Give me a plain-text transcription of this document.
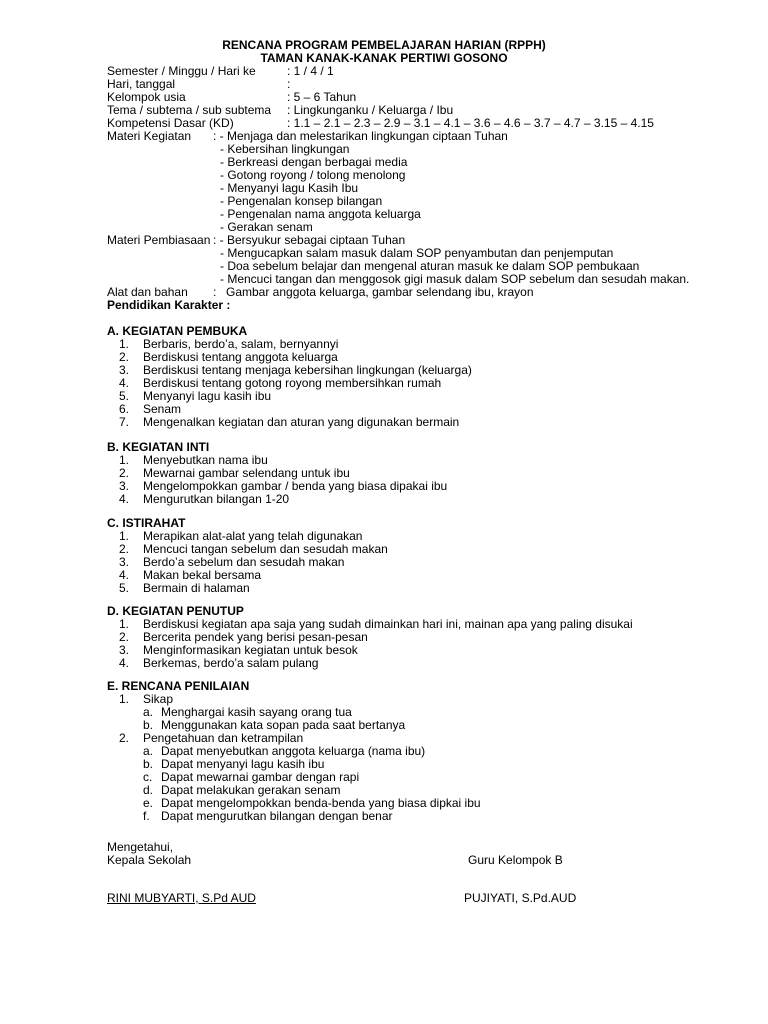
RENCANA PROGRAM PEMBELAJARAN HARIAN (RPPH)
TAMAN KANAK-KANAK PERTIWI GOSONO
Semester / Minggu / Hari ke	: 1 / 4 / 1
Hari, tanggal	:
Kelompok usia	: 5 – 6 Tahun
Tema / subtema / sub subtema : Lingkunganku / Keluarga / Ibu
Kompetensi Dasar (KD)	: 1.1 – 2.1 – 2.3 – 2.9 – 3.1 – 4.1 – 3.6 – 4.6 – 3.7 – 4.7 – 3.15 – 4.15
Materi Kegiatan : - Menjaga dan melestarikan lingkungan ciptaan Tuhan
- Kebersihan lingkungan
- Berkreasi dengan berbagai media
- Gotong royong / tolong menolong
- Menyanyi lagu Kasih Ibu
- Pengenalan konsep bilangan
- Pengenalan nama anggota keluarga
- Gerakan senam
Materi Pembiasaan : - Bersyukur sebagai ciptaan Tuhan
- Mengucapkan salam masuk dalam SOP penyambutan dan penjemputan
- Doa sebelum belajar dan mengenal aturan masuk ke dalam SOP pembukaan
- Mencuci tangan dan menggosok gigi masuk dalam SOP sebelum dan sesudah makan.
Alat dan bahan : Gambar anggota keluarga, gambar selendang ibu, krayon
Pendidikan Karakter :
A. KEGIATAN PEMBUKA
1. Berbaris, berdo’a, salam, bernyannyi
2. Berdiskusi tentang anggota keluarga
3. Berdiskusi tentang menjaga kebersihan lingkungan (keluarga)
4. Berdiskusi tentang gotong royong membersihkan rumah
5. Menyanyi lagu kasih ibu
6. Senam
7. Mengenalkan kegiatan dan aturan yang digunakan bermain
B. KEGIATAN INTI
1. Menyebutkan nama ibu
2. Mewarnai gambar selendang untuk ibu
3. Mengelompokkan gambar / benda yang biasa dipakai ibu
4. Mengurutkan bilangan 1-20
C. ISTIRAHAT
1. Merapikan alat-alat yang telah digunakan
2. Mencuci tangan sebelum dan sesudah makan
3. Berdo’a sebelum dan sesudah makan
4. Makan bekal bersama
5. Bermain di halaman
D. KEGIATAN PENUTUP
1. Berdiskusi kegiatan apa saja yang sudah dimainkan hari ini, mainan apa yang paling disukai
2. Bercerita pendek yang berisi pesan-pesan
3. Menginformasikan kegiatan untuk besok
4. Berkemas, berdo’a salam pulang
E. RENCANA PENILAIAN
1. Sikap
a. Menghargai kasih sayang orang tua
b. Menggunakan kata sopan pada saat bertanya
2. Pengetahuan dan ketrampilan
a. Dapat menyebutkan anggota keluarga (nama ibu)
b. Dapat menyanyi lagu kasih ibu
c. Dapat mewarnai gambar dengan rapi
d. Dapat melakukan gerakan senam
e. Dapat mengelompokkan benda-benda yang biasa dipkai ibu
f. Dapat mengurutkan bilangan dengan benar
Mengetahui,
Kepala Sekolah	Guru Kelompok B
RINI MUBYARTI, S.Pd AUD	PUJIYATI, S.Pd.AUD
